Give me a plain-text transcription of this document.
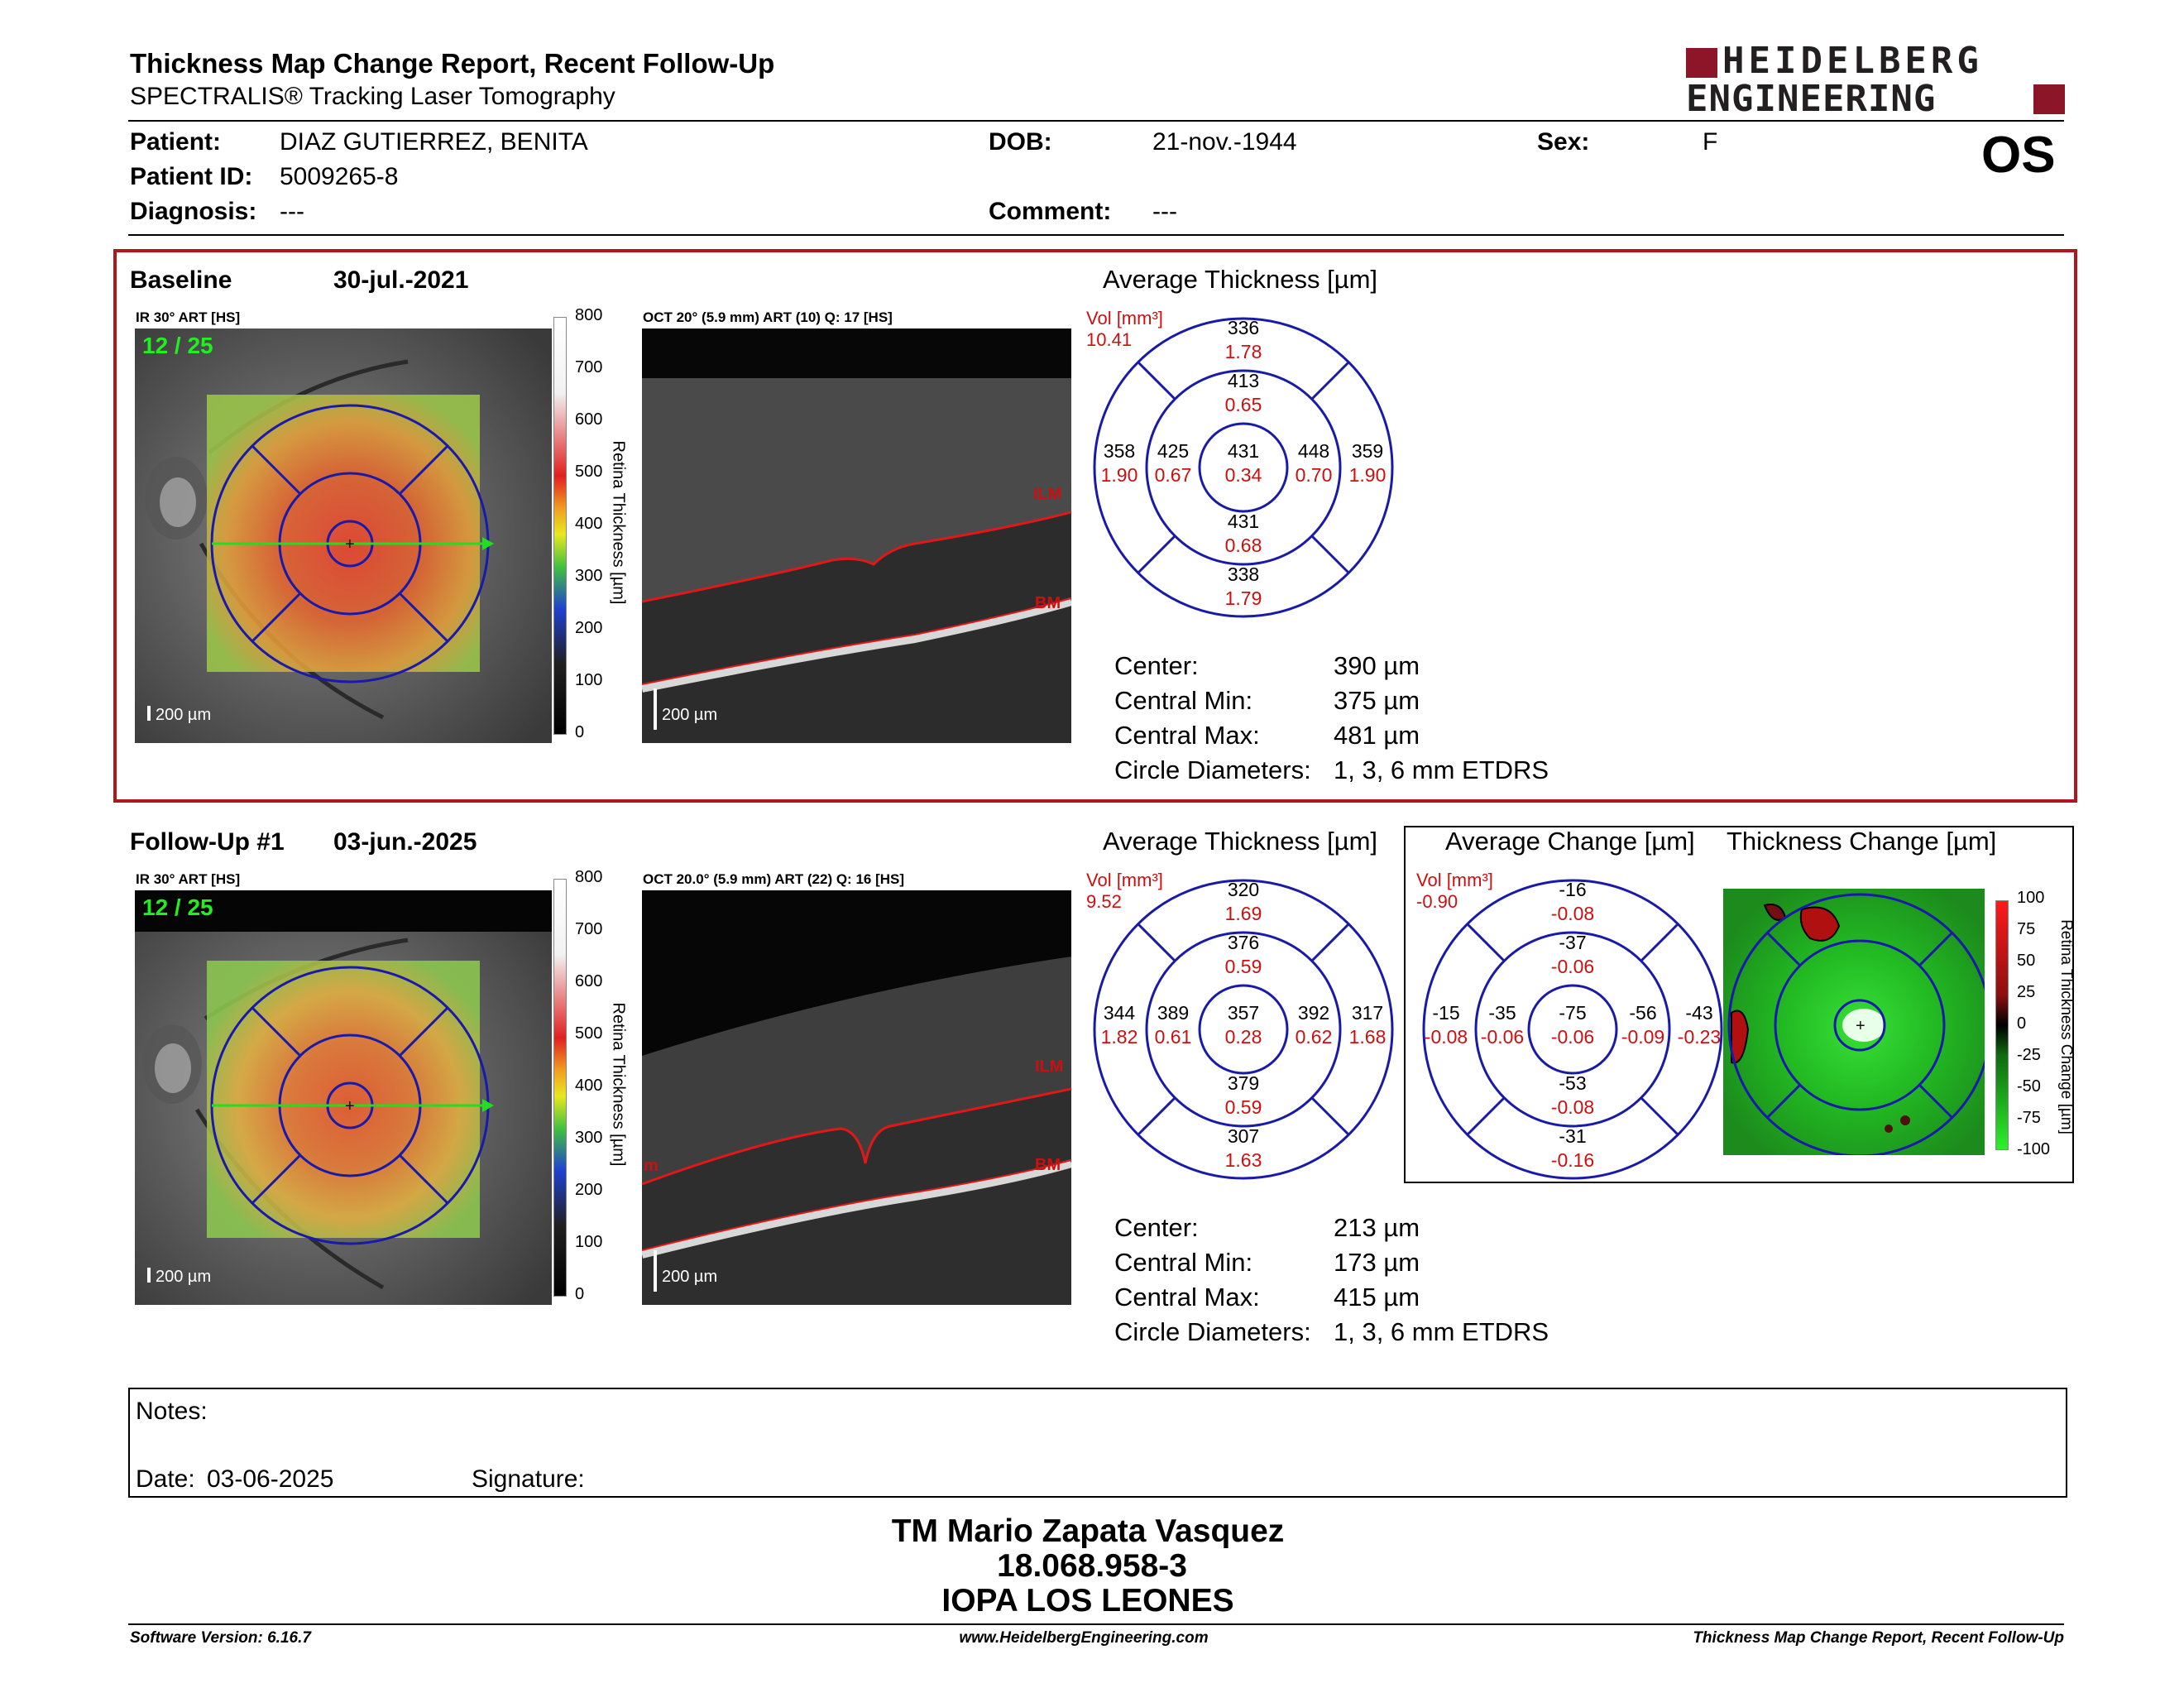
Thickness Map Change Report, Recent Follow-Up
SPECTRALIS® Tracking Laser Tomography
HEIDELBERG
ENGINEERING
Patient: DIAZ GUTIERREZ, BENITA
Patient ID: 5009265-8
Diagnosis: ---
DOB:	21-nov.-1944
Comment: ---
Sex:	F	OS
Baseline	30-jul.-2021
IR 30° ART [HS]
12 / 25
+
200 µm
800
700
600
500
400
300
200
100
0
Retina Thickness [µm]
OCT 20° (5.9 mm) ART (10) Q: 17 [HS]
ILM
BM
200 µm
Average Thickness [µm]
Vol [mm³]
10.41
336
1.78
413
0.65
431
0.34
431
0.68
338
1.79
358
1.90
425
0.67
448
0.70
359
1.90
Center:	390 µm
Central Min:	375 µm
Central Max:	481 µm
Circle Diameters: 1, 3, 6 mm ETDRS
Follow-Up #1 03-jun.-2025
IR 30° ART [HS]
12 / 25
+
200 µm
800
700
600
500
400
300
200
100
0
Retina Thickness [µm]
OCT 20.0° (5.9 mm) ART (22) Q: 16 [HS]
ILM
BM
m
200 µm
Average Thickness [µm]
Vol [mm³]
9.52
320
1.69
376
0.59
357
0.28
379
0.59
307
1.63
344
1.82
389
0.61
392
0.62
317
1.68
Average Change [µm] Thickness Change [µm]
Vol [mm³]
-0.90
-16
-0.08
-37
-0.06
-75
-0.06
-53
-0.08
-31
-0.16
-15
-0.08
-35
-0.06
-56
-0.09
-43
-0.23	+
100
75
50
25
0
-25
-50
-75
-100
Retina Thickness Change [µm]
Center:	213 µm
Central Min:	173 µm
Central Max:	415 µm
Circle Diameters: 1, 3, 6 mm ETDRS
Notes:
Date: 03-06-2025	Signature:
TM Mario Zapata Vasquez
18.068.958-3
IOPA LOS LEONES
Software Version: 6.16.7	www.HeidelbergEngineering.com	Thickness Map Change Report, Recent Follow-Up
